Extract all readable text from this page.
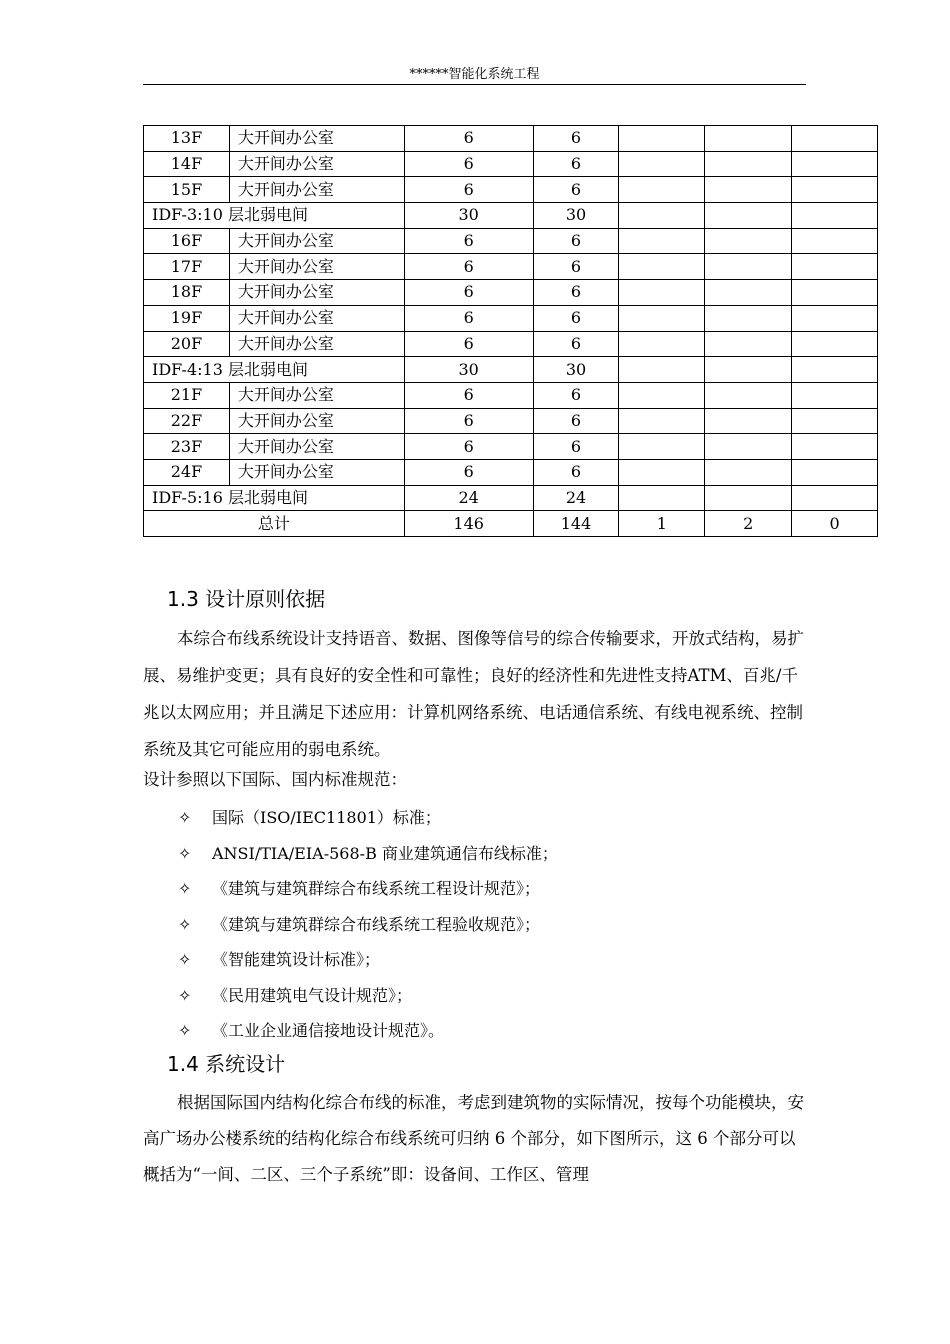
******智能化系统工程
13F	大开间办公室	6	6			
14F	大开间办公室	6	6			
15F	大开间办公室	6	6			
IDF-3:10 层北弱电间		30	30			
16F	大开间办公室	6	6			
17F	大开间办公室	6	6			
18F	大开间办公室	6	6			
19F	大开间办公室	6	6			
20F	大开间办公室	6	6			
IDF-4:13 层北弱电间		30	30			
21F	大开间办公室	6	6			
22F	大开间办公室	6	6			
23F	大开间办公室	6	6			
24F	大开间办公室	6	6			
IDF-5:16 层北弱电间		24	24			
总计		146	144	1	2	0
1.3 设计原则依据

本综合布线系统设计支持语音、数据、图像等信号的综合传输要求，开放式结构，易扩展、易维护变更；具有良好的安全性和可靠性；良好的经济性和先进性支持ATM、百兆/千兆以太网应用；并且满足下述应用：计算机网络系统、电话通信系统、有线电视系统、控制系统及其它可能应用的弱电系统。

设计参照以下国际、国内标准规范：

✧ 国际（ISO/IEC11801）标准；
✧ ANSI/TIA/EIA-568-B 商业建筑通信布线标准；
✧ 《建筑与建筑群综合布线系统工程设计规范》；
✧ 《建筑与建筑群综合布线系统工程验收规范》；
✧ 《智能建筑设计标准》；
✧ 《民用建筑电气设计规范》；
✧ 《工业企业通信接地设计规范》。
1.4 系统设计

根据国际国内结构化综合布线的标准，考虑到建筑物的实际情况，按每个功能模块，安高广场办公楼系统的结构化综合布线系统可归纳 6 个部分，如下图所示，这 6 个部分可以概括为“一间、二区、三个子系统”即：设备间、工作区、管理
